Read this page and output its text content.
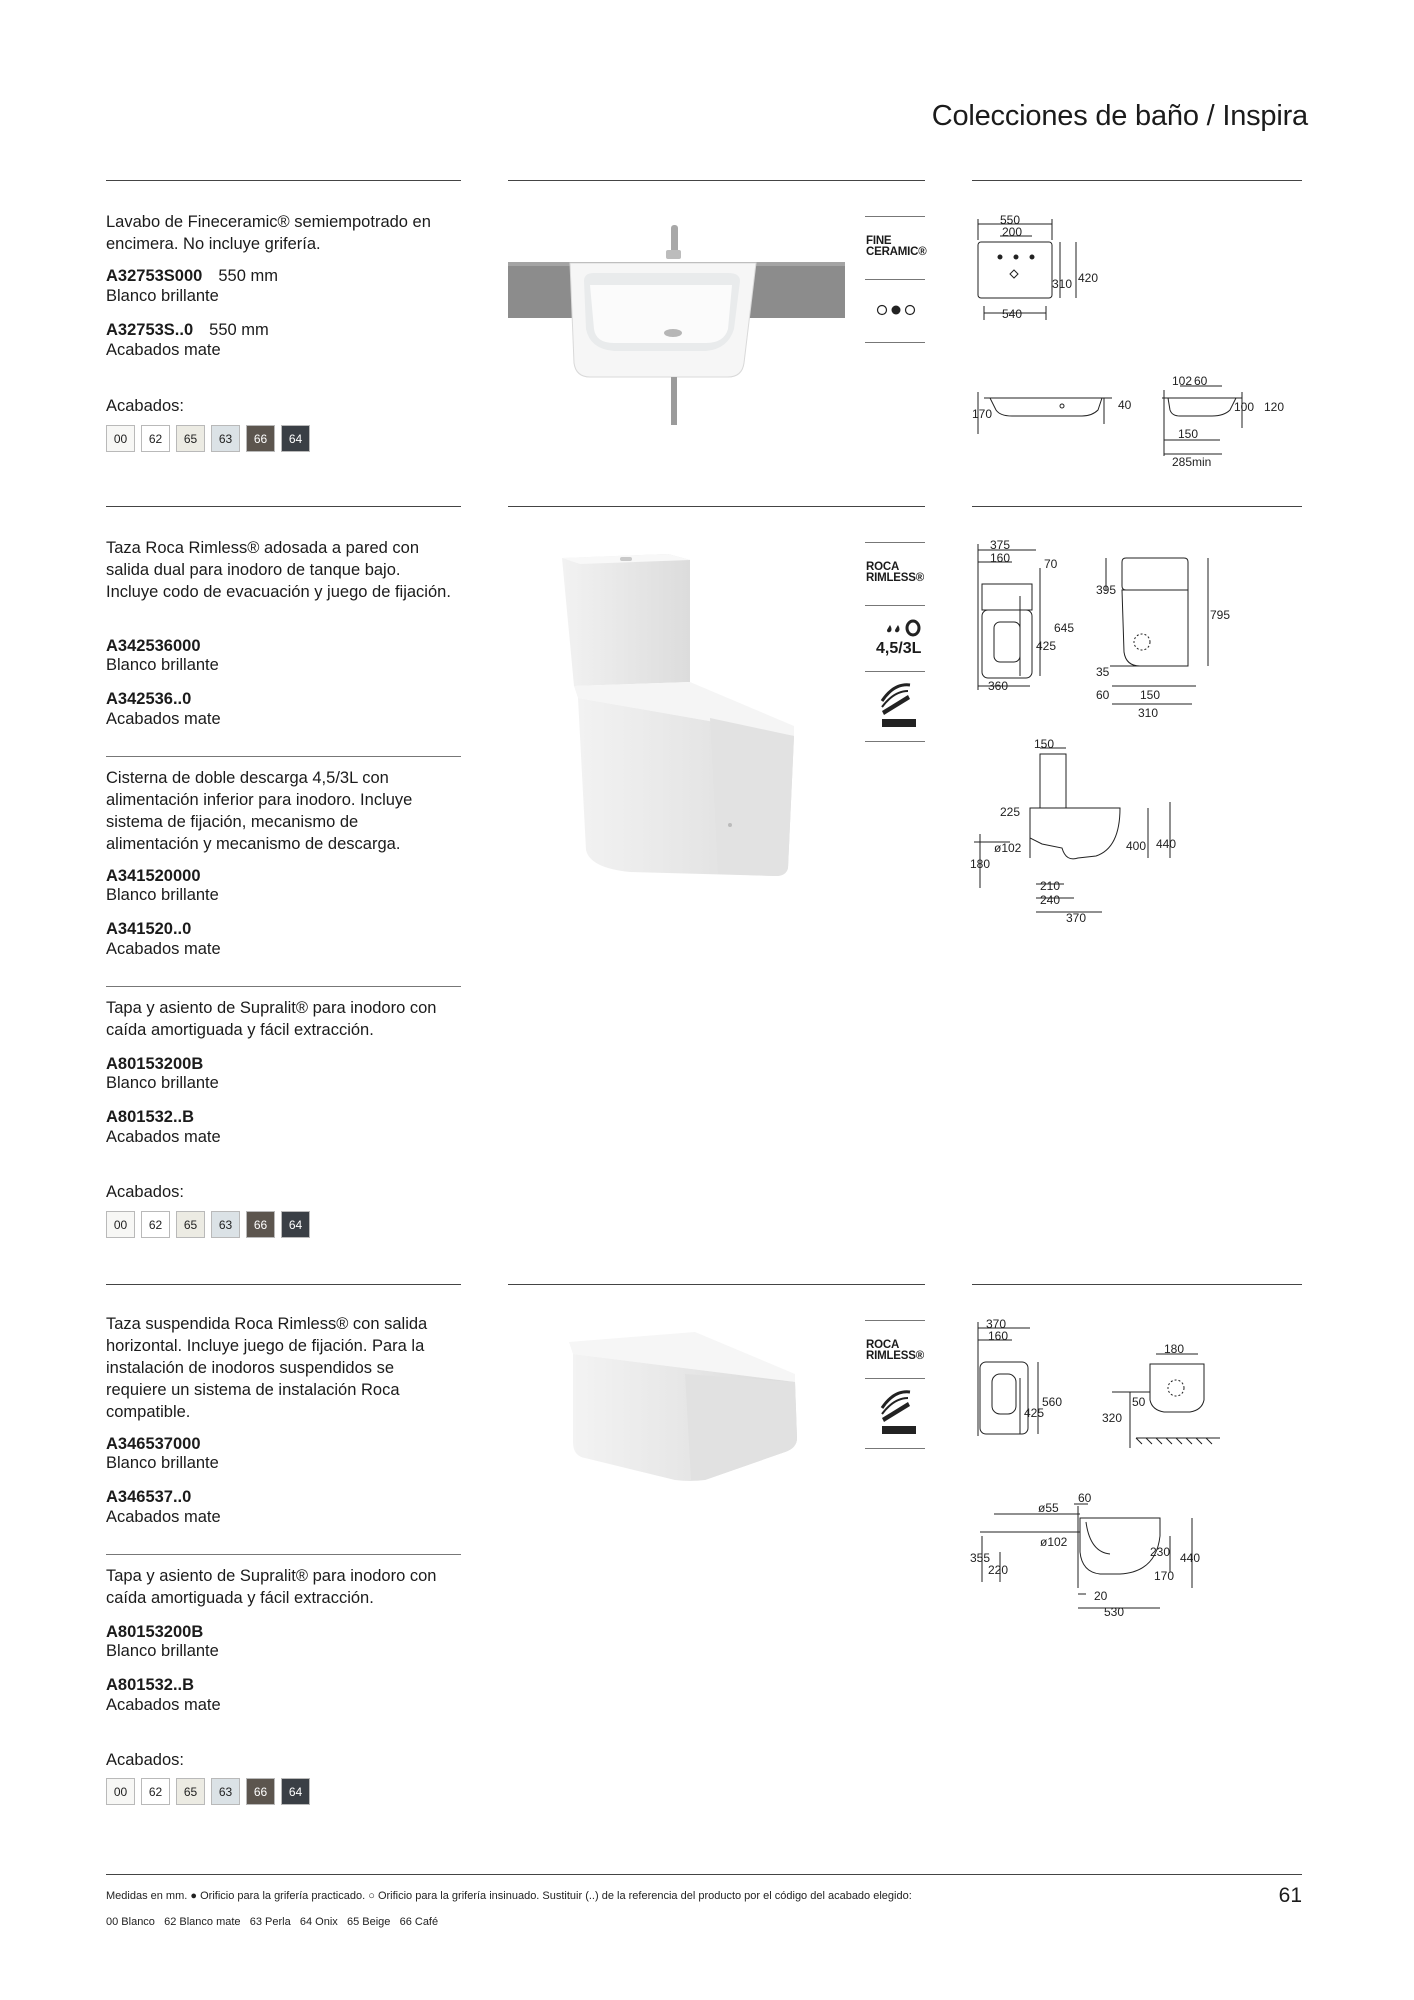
Colecciones de baño / Inspira
Lavabo de Fineceramic® semiempotrado en encimera. No incluye grifería.
A32753S000 550 mm
Blanco brillante
A32753S..0 550 mm
Acabados mate
Acabados:
00	62	65	63	66	64
FINE
CERAMIC®
550
200
310 420
540
170
40
102 60
100 120
150
285min
Taza Roca Rimless® adosada a pared con salida dual para inodoro de tanque bajo. Incluye codo de evacuación y juego de fijación.
A342536000
Blanco brillante
A342536..0
Acabados mate
Cisterna de doble descarga 4,5/3L con alimentación inferior para inodoro. Incluye sistema de fijación, mecanismo de alimentación y mecanismo de descarga.
A341520000
Blanco brillante
A341520..0
Acabados mate
Tapa y asiento de Supralit® para inodoro con caída amortiguada y fácil extracción.
A80153200B
Blanco brillante
A801532..B
Acabados mate
Acabados:
00	62	65	63	66	64
ROCA
RIMLESS®
4,5/3L
375
160	70
645
425
360
395
795
35
60	150
310
150
225
ø102
180
400 440
210
240
370
Taza suspendida Roca Rimless® con salida horizontal. Incluye juego de fijación. Para la instalación de inodoros suspendidos se requiere un sistema de instalación Roca compatible.
A346537000
Blanco brillante
A346537..0
Acabados mate
Tapa y asiento de Supralit® para inodoro con caída amortiguada y fácil extracción.
A80153200B
Blanco brillante
A801532..B
Acabados mate
Acabados:
00	62	65	63	66	64
ROCA
RIMLESS®
370
160
560
425
180
50
320
60
ø55
ø102
355
220
230 440
170
20
530
Medidas en mm. ● Orificio para la grifería practicado. ○ Orificio para la grifería insinuado. Sustituir (..) de la referencia del producto por el código del acabado elegido:
00 Blanco 62 Blanco mate 63 Perla 64 Onix 65 Beige 66 Café
61
